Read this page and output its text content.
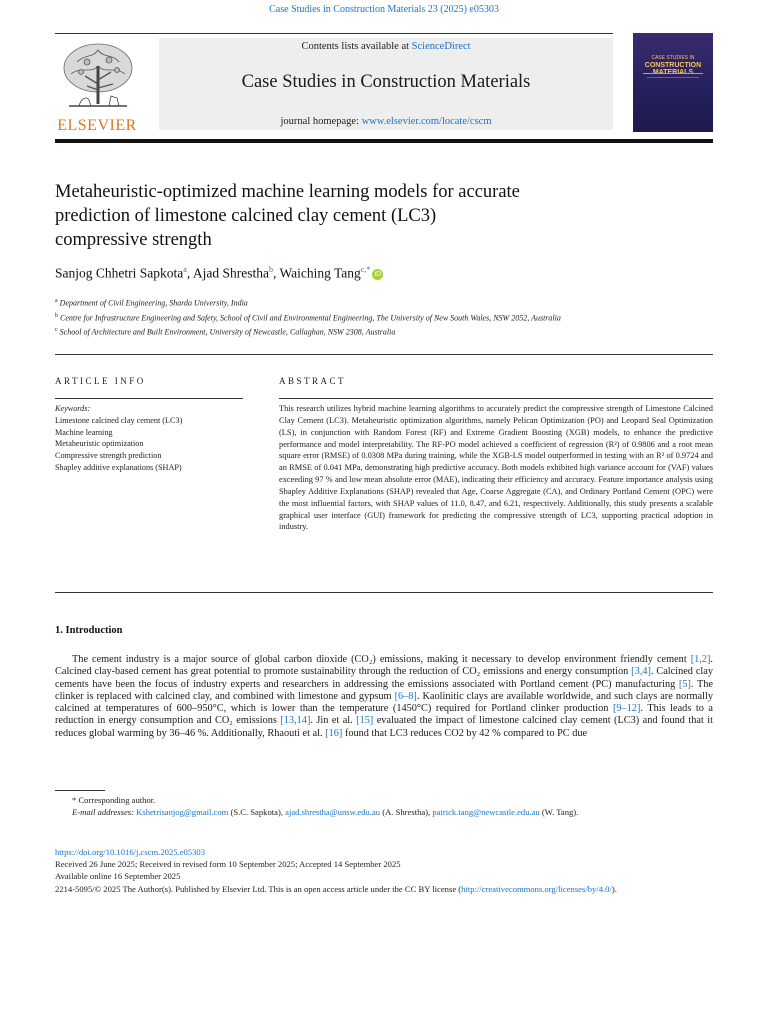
Case Studies in Construction Materials 23 (2025) e05303
ELSEVIER
Contents lists available at ScienceDirect
Case Studies in Construction Materials
journal homepage: www.elsevier.com/locate/cscm
CASE STUDIES IN
CONSTRUCTION
Metaheuristic-optimized machine learning models for accurate
prediction of limestone calcined clay cement (LC3)
compressive strength
Sanjog Chhetri Sapkota$^a$, Ajad Shrestha$^b$, Waiching Tang$^{c,*}$iD
$^a$ Department of Civil Engineering, Sharda University, India
$^b$ Centre for Infrastructure Engineering and Safety, School of Civil and Environmental Engineering, The University of New South Wales, NSW 2052, Australia
$^c$ School of Architecture and Built Environment, University of Newcastle, Callaghan, NSW 2308, Australia
ARTICLE INFO
Keywords:
Limestone calcined clay cement (LC3)
Machine learning
Metaheuristic optimization
Compressive strength prediction
Shapley additive explanations (SHAP)
ABSTRACT
This research utilizes hybrid machine learning algorithms to accurately predict the compressive strength of Limestone Calcined Clay Cement (LC3). Metaheuristic optimization algorithms, namely Pelican Optimization (PO) and Leopard Seal Optimization (LS), in conjunction with Random Forest (RF) and Extreme Gradient Boosting (XGB) models, to enhance the predictive performance and model interpretability. The RF-PO model achieved a coefficient of regression (R²) of 0.9806 and a root mean square error (RMSE) of 0.0308 MPa during training, while the XGB-LS model outperformed in testing with an R² of 0.9724 and an RMSE of 0.041 MPa, demonstrating high predictive accuracy. Both models exhibited high variance account for (VAF) values exceeding 97 % and low mean absolute error (MAE), indicating their efficiency and accuracy. Feature importance analysis using Shapley Additive Explanations (SHAP) revealed that Age, Coarse Aggregate (CA), and Ordinary Portland Cement (OPC) were the most influential factors, with SHAP values of 11.0, 8.47, and 6.21, respectively. Additionally, this study presents a scalable graphical user interface (GUI) framework for predicting the compressive strength of LC3, supporting practical adoption in industry.
1. Introduction
The cement industry is a major source of global carbon dioxide (CO₂) emissions, making it necessary to develop environment friendly cement [1,2]. Calcined clay-based cement has great potential to promote sustainability through the reduction of CO₂ emissions and energy consumption [3,4]. Calcined clay cements have been the focus of industry experts and researchers in addressing the emissions associated with Portland cement (PC) manufacturing [5]. The clinker is replaced with calcined clay, and combined with limestone and gypsum [6–8]. Kaolinitic clays are available worldwide, and such clays are normally calcined at temperatures of 600–950°C, which is lower than the temperature (1450°C) required for Portland clinker production [9–12]. This leads to a reduction in energy consumption and CO₂ emissions [13,14]. Jin et al. [15] evaluated the impact of limestone calcined clay cement (LC3) and found that it reduces global warming by 36–46 %. Additionally, Rhaouti et al. [16] found that LC3 reduces CO2 by 42 % compared to PC due
* Corresponding author.
E-mail addresses: Kshetrisanjog@gmail.com (S.C. Sapkota), ajad.shrestha@unsw.edu.au (A. Shrestha), patrick.tang@newcastle.edu.au (W. Tang).
https://doi.org/10.1016/j.cscm.2025.e05303
Received 26 June 2025; Received in revised form 10 September 2025; Accepted 14 September 2025
Available online 16 September 2025
2214-5095/© 2025 The Author(s). Published by Elsevier Ltd. This is an open access article under the CC BY license (http://creativecommons.org/licenses/by/4.0/).
